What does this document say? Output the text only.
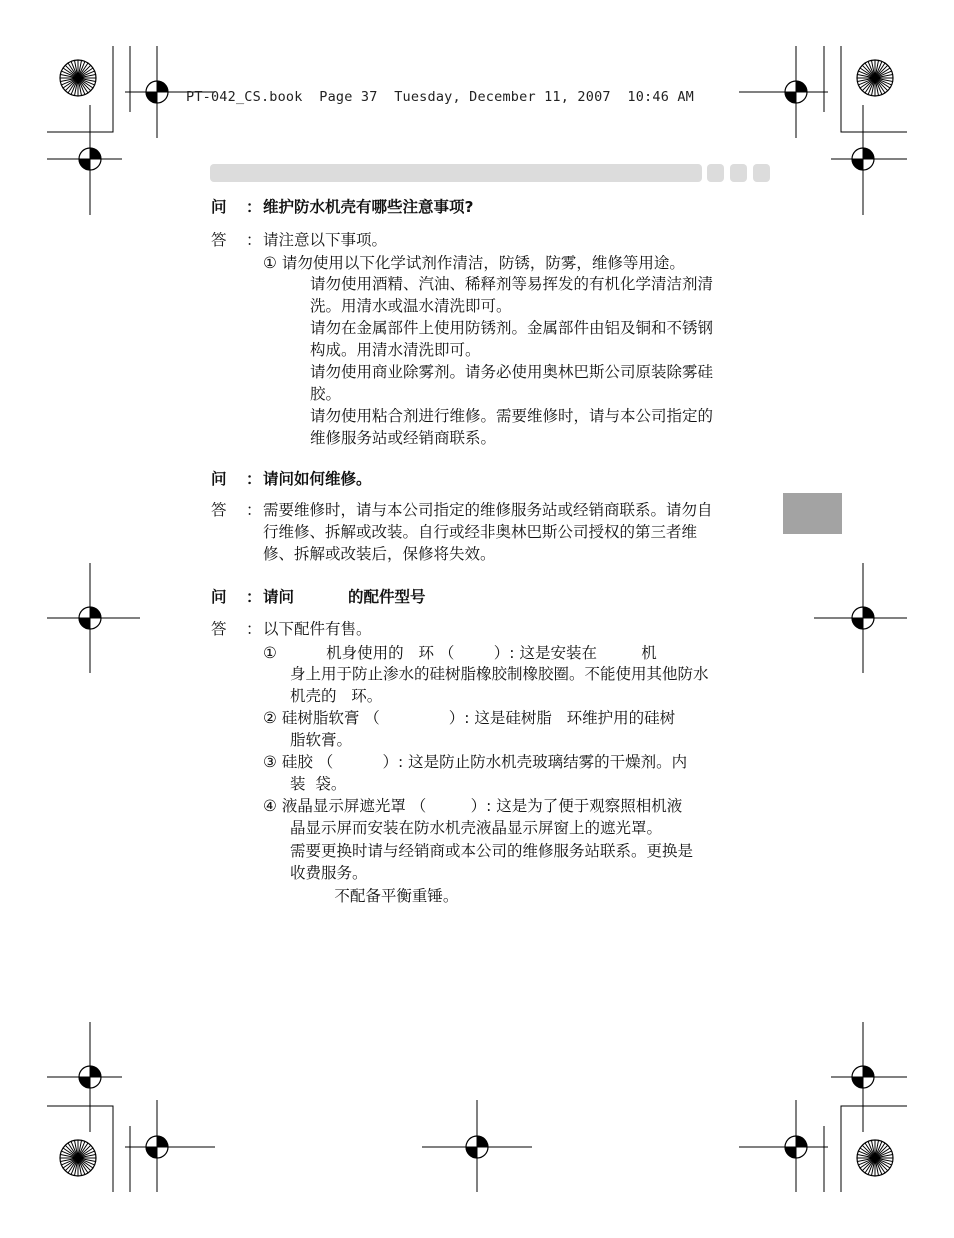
PT-042_CS.book Page 37 Tuesday, December 11, 2007 10:46 AM
问 ： 维护防水机壳有哪些注意事项?
答 ： 请注意以下事项。
① 请勿使用以下化学试剂作清洁，防锈，防雾，维修等用途。
请勿使用酒精、汽油、稀释剂等易挥发的有机化学清洁剂清
洗。用清水或温水清洗即可。
请勿在金属部件上使用防锈剂。金属部件由铝及铜和不锈钢
构成。用清水清洗即可。
请勿使用商业除雾剂。请务必使用奥林巴斯公司原装除雾硅
胶。
请勿使用粘合剂进行维修。需要维修时，请与本公司指定的
维修服务站或经销商联系。
问 ： 请问如何维修。
答 ： 需要维修时，请与本公司指定的维修服务站或经销商联系。请勿自
行维修、拆解或改装。自行或经非奥林巴斯公司授权的第三者维
修、拆解或改装后，保修将失效。
问 ： 请问          的配件型号
答 ： 以下配件有售。
①          机身使用的   环 （        ）: 这是安装在         机
身上用于防止渗水的硅树脂橡胶制橡胶圈。不能使用其他防水
机壳的   环。
② 硅树脂软膏 （              ）: 这是硅树脂   环维护用的硅树
脂软膏。
③ 硅胶 （          ）: 这是防止防水机壳玻璃结雾的干燥剂。内
装  袋。
④ 液晶显示屏遮光罩 （         ）: 这是为了便于观察照相机液
晶显示屏而安装在防水机壳液晶显示屏窗上的遮光罩。
需要更换时请与经销商或本公司的维修服务站联系。更换是
收费服务。
不配备平衡重锤。
